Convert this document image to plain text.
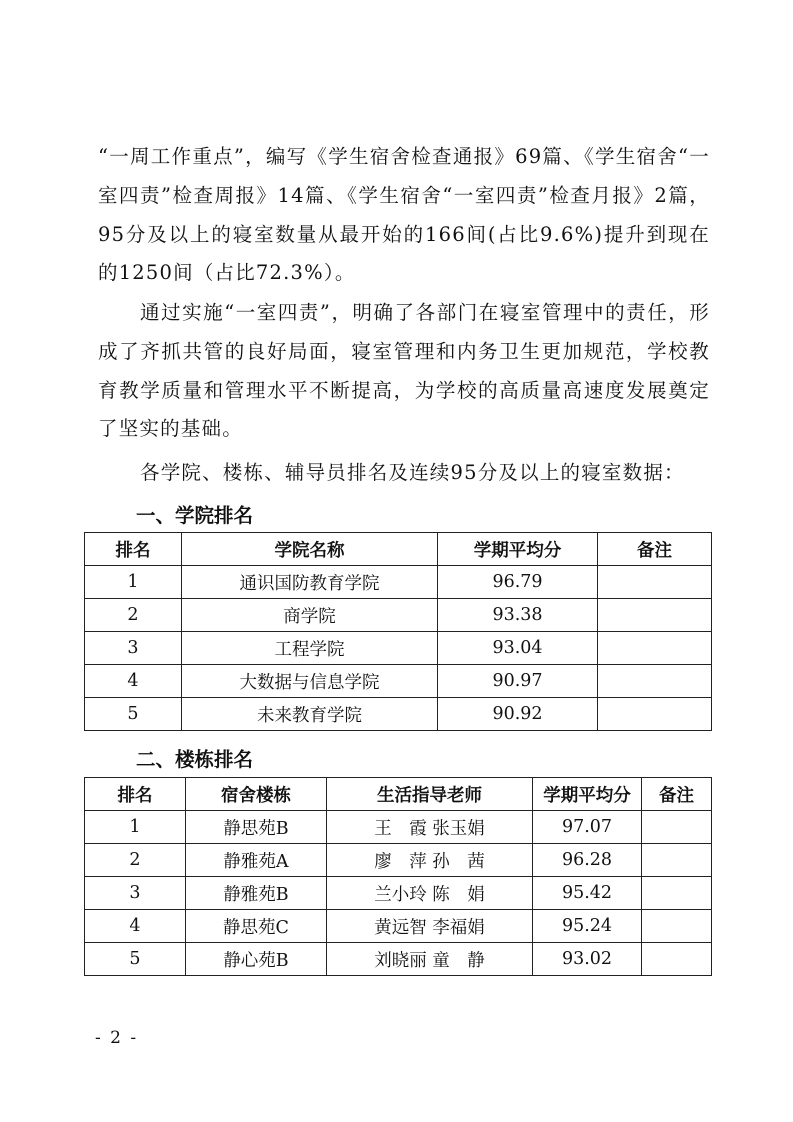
“一周工作重点”，编写《学生宿舍检查通报》69篇、《学生宿舍“一室四责”检查周报》14篇、《学生宿舍“一室四责”检查月报》2篇，95分及以上的寝室数量从最开始的166间(占比9.6%)提升到现在的1250间（占比72.3%）。

通过实施“一室四责”，明确了各部门在寝室管理中的责任，形成了齐抓共管的良好局面，寝室管理和内务卫生更加规范，学校教育教学质量和管理水平不断提高，为学校的高质量高速度发展奠定了坚实的基础。

各学院、楼栋、辅导员排名及连续95分及以上的寝室数据：

一、学院排名
排名	学院名称	学期平均分	备注
1	通识国防教育学院	96.79	
2	商学院	93.38	
3	工程学院	93.04	
4	大数据与信息学院	90.97	
5	未来教育学院	90.92	
二、楼栋排名
排名	宿舍楼栋	生活指导老师	学期平均分	备注
1	静思苑B	王　霞 张玉娟	97.07	
2	静雅苑A	廖　萍 孙　茜	96.28	
3	静雅苑B	兰小玲 陈　娟	95.42	
4	静思苑C	黄远智 李福娟	95.24	
5	静心苑B	刘晓丽 童　静	93.02	
- 2 -
